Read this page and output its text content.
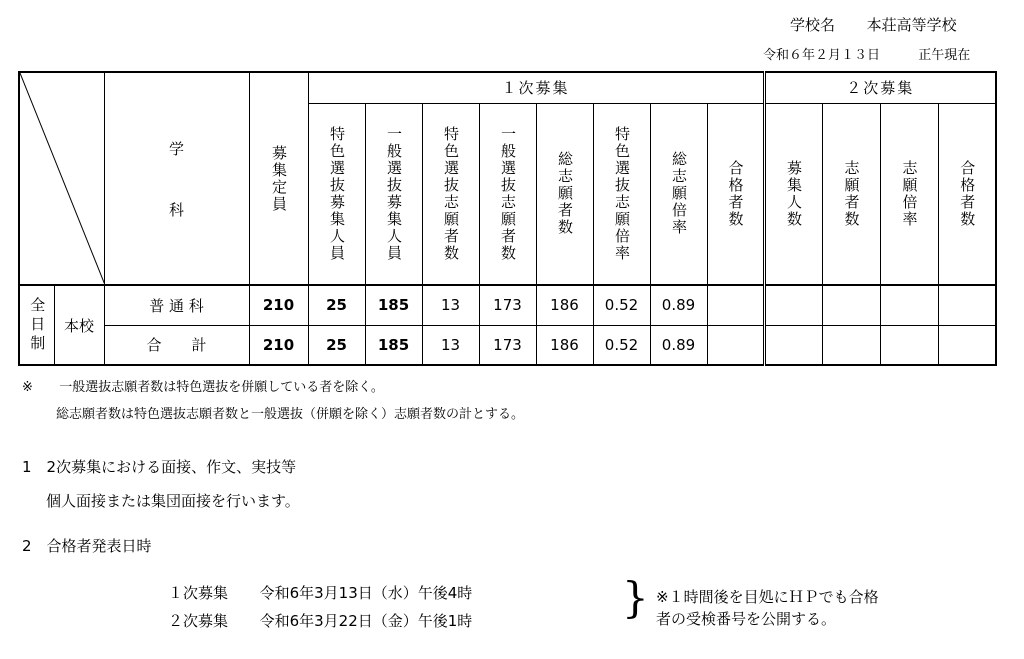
学校名 本荘高等学校
令和６年２月１３日	正午現在

学
科	募集定員	１次募集								２次募集			

				特色選抜募集人員	一般選抜募集人員	特色選抜志願者数	一般選抜志願者数	総志願者数	特色選抜志願倍率	総志願倍率	合格者数	募集人数	志願者数	志願倍率	合格者数

全日制	本校	普 通 科	210	25	185	13	173	186	0.52	0.89					
		合　　計	210	25	185	13	173	186	0.52	0.89					
※ 一般選抜志願者数は特色選抜を併願している者を除く。
総志願者数は特色選抜志願者数と一般選抜（併願を除く）志願者数の計とする。
1　2次募集における面接、作文、実技等
個人面接または集団面接を行います。
2　合格者発表日時
１次募集 令和6年3月13日（水）午後4時
２次募集 令和6年3月22日（金）午後1時	} ※１時間後を目処にＨＰでも合格
者の受検番号を公開する。
